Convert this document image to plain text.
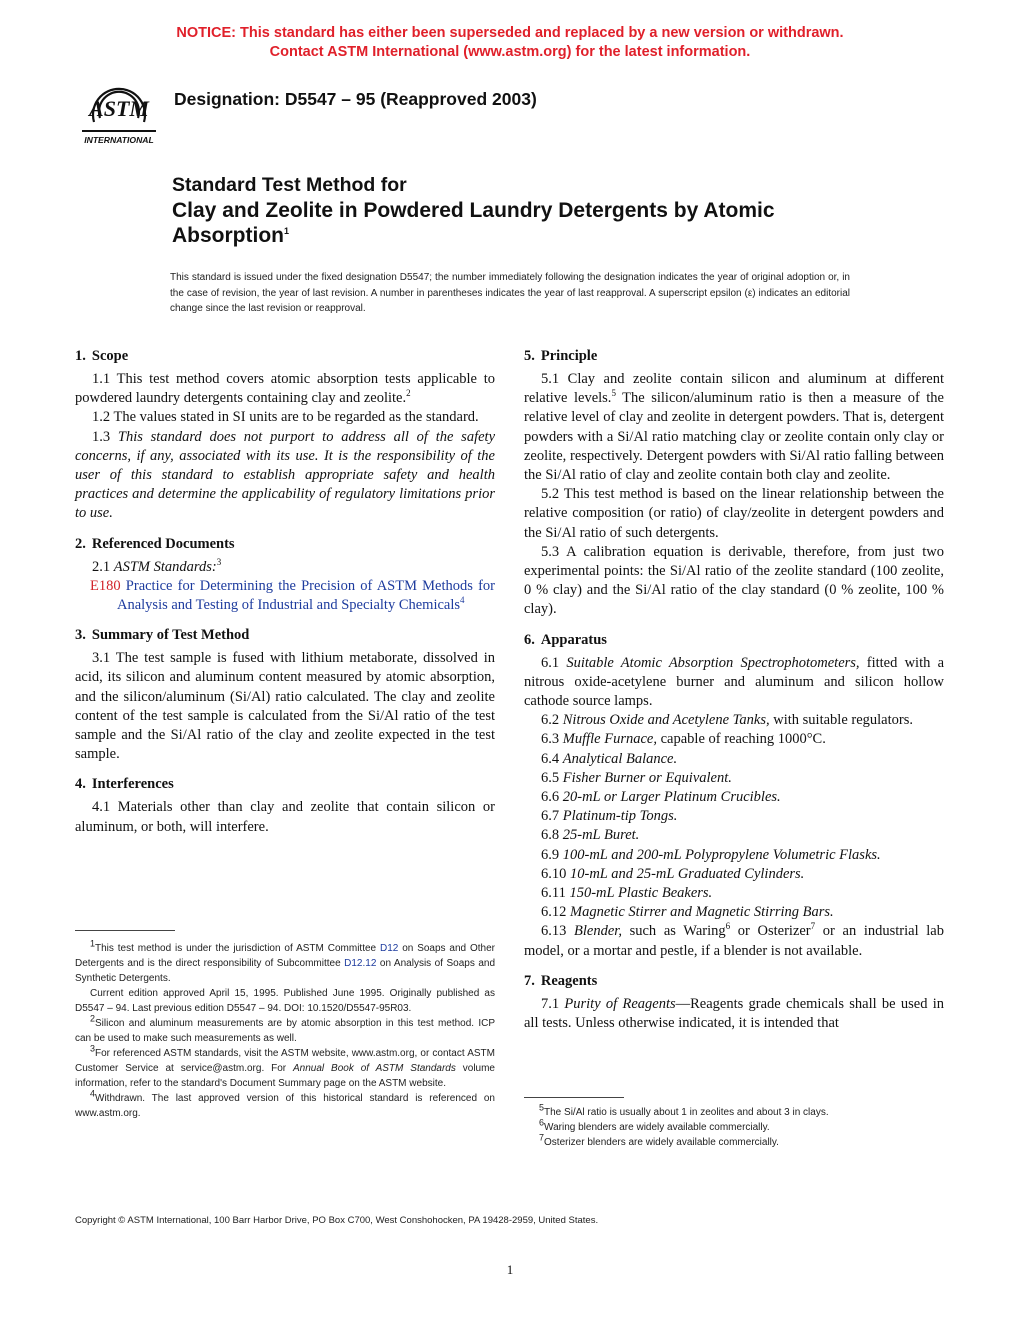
NOTICE: This standard has either been superseded and replaced by a new version or withdrawn.
Contact ASTM International (www.astm.org) for the latest information.
ASTM
INTERNATIONAL
Designation: D5547 – 95 (Reapproved 2003)
Standard Test Method for
Clay and Zeolite in Powdered Laundry Detergents by Atomic Absorption$^1$
This standard is issued under the fixed designation D5547; the number immediately following the designation indicates the year of original adoption or, in the case of revision, the year of last revision. A number in parentheses indicates the year of last reapproval. A superscript epsilon (ε) indicates an editorial change since the last revision or reapproval.
1. Scope

1.1 This test method covers atomic absorption tests applicable to powdered laundry detergents containing clay and zeolite.$^2$

1.2 The values stated in SI units are to be regarded as the standard.

1.3 This standard does not purport to address all of the safety concerns, if any, associated with its use. It is the responsibility of the user of this standard to establish appropriate safety and health practices and determine the applicability of regulatory limitations prior to use.

2. Referenced Documents

2.1 ASTM Standards:$^3$

E180 Practice for Determining the Precision of ASTM Methods for Analysis and Testing of Industrial and Specialty Chemicals$^4$

3. Summary of Test Method

3.1 The test sample is fused with lithium metaborate, dissolved in acid, its silicon and aluminum content measured by atomic absorption, and the silicon/aluminum (Si/Al) ratio calculated. The clay and zeolite content of the test sample is calculated from the Si/Al ratio of the test sample and the Si/Al ratio of the clay and zeolite expected in the test sample.

4. Interferences

4.1 Materials other than clay and zeolite that contain silicon or aluminum, or both, will interfere.

5. Principle

5.1 Clay and zeolite contain silicon and aluminum at different relative levels.$^5$ The silicon/aluminum ratio is then a measure of the relative level of clay and zeolite in detergent powders. That is, detergent powders with a Si/Al ratio matching clay or zeolite contain only clay or zeolite, respectively. Detergent powders with Si/Al ratio falling between the Si/Al ratio of clay and zeolite contain both clay and zeolite.

5.2 This test method is based on the linear relationship between the relative composition (or ratio) of clay/zeolite in detergent powders and the Si/Al ratio of such detergents.

5.3 A calibration equation is derivable, therefore, from just two experimental points: the Si/Al ratio of the zeolite standard (100 zeolite, 0 % clay) and the Si/Al ratio of the clay standard (0 % zeolite, 100 % clay).

6. Apparatus

6.1 Suitable Atomic Absorption Spectrophotometers, fitted with a nitrous oxide-acetylene burner and aluminum and silicon hollow cathode source lamps.

6.2 Nitrous Oxide and Acetylene Tanks, with suitable regulators.

6.3 Muffle Furnace, capable of reaching 1000°C.

6.4 Analytical Balance.

6.5 Fisher Burner or Equivalent.

6.6 20-mL or Larger Platinum Crucibles.

6.7 Platinum-tip Tongs.

6.8 25-mL Buret.

6.9 100-mL and 200-mL Polypropylene Volumetric Flasks.

6.10 10-mL and 25-mL Graduated Cylinders.

6.11 150-mL Plastic Beakers.

6.12 Magnetic Stirrer and Magnetic Stirring Bars.

6.13 Blender, such as Waring$^6$ or Osterizer$^7$ or an industrial lab model, or a mortar and pestle, if a blender is not available.

7. Reagents

7.1 Purity of Reagents—Reagents grade chemicals shall be used in all tests. Unless otherwise indicated, it is intended that

$^1$This test method is under the jurisdiction of ASTM Committee D12 on Soaps and Other Detergents and is the direct responsibility of Subcommittee D12.12 on Analysis of Soaps and Synthetic Detergents.

Current edition approved April 15, 1995. Published June 1995. Originally published as D5547 – 94. Last previous edition D5547 – 94. DOI: 10.1520/D5547-95R03.

$^2$Silicon and aluminum measurements are by atomic absorption in this test method. ICP can be used to make such measurements as well.

$^3$For referenced ASTM standards, visit the ASTM website, www.astm.org, or contact ASTM Customer Service at service@astm.org. For Annual Book of ASTM Standards volume information, refer to the standard's Document Summary page on the ASTM website.

$^4$Withdrawn. The last approved version of this historical standard is referenced on www.astm.org.

$^5$The Si/Al ratio is usually about 1 in zeolites and about 3 in clays.

$^6$Waring blenders are widely available commercially.

$^7$Osterizer blenders are widely available commercially.

Copyright © ASTM International, 100 Barr Harbor Drive, PO Box C700, West Conshohocken, PA 19428-2959, United States.
1
